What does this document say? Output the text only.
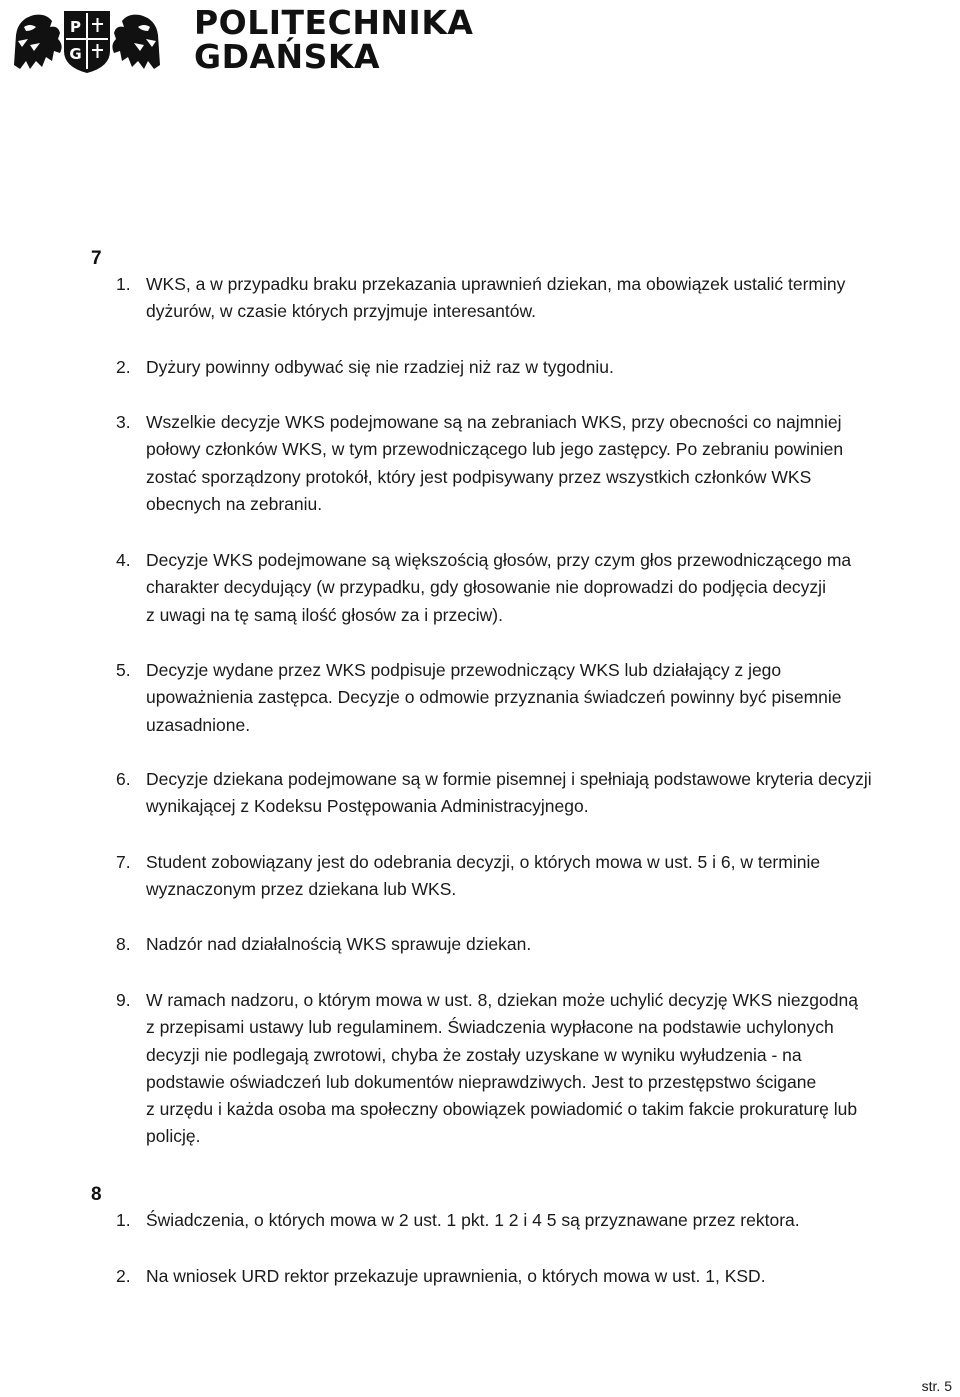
P
G
POLITECHNIKA
GDAŃSKA
7
1. WKS, a w przypadku braku przekazania uprawnień dziekan, ma obowiązek ustalić terminy
dyżurów, w czasie których przyjmuje interesantów.
2. Dyżury powinny odbywać się nie rzadziej niż raz w tygodniu.
3. Wszelkie decyzje WKS podejmowane są na zebraniach WKS, przy obecności co najmniej
połowy członków WKS, w tym przewodniczącego lub jego zastępcy. Po zebraniu powinien
zostać sporządzony protokół, który jest podpisywany przez wszystkich członków WKS
obecnych na zebraniu.
4. Decyzje WKS podejmowane są większością głosów, przy czym głos przewodniczącego ma
charakter decydujący (w przypadku, gdy głosowanie nie doprowadzi do podjęcia decyzji
z uwagi na tę samą ilość głosów za i przeciw).
5. Decyzje wydane przez WKS podpisuje przewodniczący WKS lub działający z jego
upoważnienia zastępca. Decyzje o odmowie przyznania świadczeń powinny być pisemnie
uzasadnione.
6. Decyzje dziekana podejmowane są w formie pisemnej i spełniają podstawowe kryteria decyzji
wynikającej z Kodeksu Postępowania Administracyjnego.
7. Student zobowiązany jest do odebrania decyzji, o których mowa w ust. 5 i 6, w terminie
wyznaczonym przez dziekana lub WKS.
8. Nadzór nad działalnością WKS sprawuje dziekan.
9. W ramach nadzoru, o którym mowa w ust. 8, dziekan może uchylić decyzję WKS niezgodną
z przepisami ustawy lub regulaminem. Świadczenia wypłacone na podstawie uchylonych
decyzji nie podlegają zwrotowi, chyba że zostały uzyskane w wyniku wyłudzenia - na
podstawie oświadczeń lub dokumentów nieprawdziwych. Jest to przestępstwo ścigane
z urzędu i każda osoba ma społeczny obowiązek powiadomić o takim fakcie prokuraturę lub
policję.
8
1. Świadczenia, o których mowa w 2 ust. 1 pkt. 1 2 i 4 5 są przyznawane przez rektora.
2. Na wniosek URD rektor przekazuje uprawnienia, o których mowa w ust. 1, KSD.
str. 5
